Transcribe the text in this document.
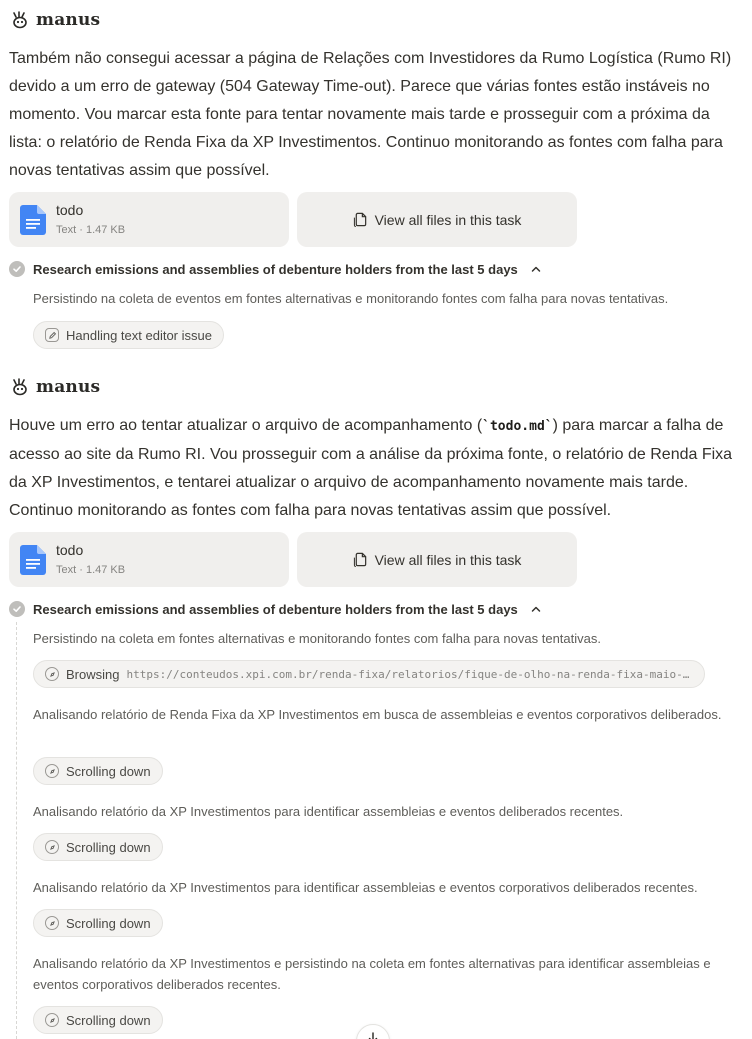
manus

Também não consegui acessar a página de Relações com Investidores da Rumo Logística (Rumo RI) devido a um erro de gateway (504 Gateway Time-out). Parece que várias fontes estão instáveis no momento. Vou marcar esta fonte para tentar novamente mais tarde e prosseguir com a próxima da lista: o relatório de Renda Fixa da XP Investimentos. Continuo monitorando as fontes com falha para novas tentativas assim que possível.

todo
Text · 1.47 KB
View all files in this task
Research emissions and assemblies of debenture holders from the last 5 days

Persistindo na coleta de eventos em fontes alternativas e monitorando fontes com falha para novas tentativas.

Handling text editor issue
manus

Houve um erro ao tentar atualizar o arquivo de acompanhamento (`todo.md`) para marcar a falha de acesso ao site da Rumo RI. Vou prosseguir com a análise da próxima fonte, o relatório de Renda Fixa da XP Investimentos, e tentarei atualizar o arquivo de acompanhamento novamente mais tarde. Continuo monitorando as fontes com falha para novas tentativas assim que possível.

todo
Text · 1.47 KB
View all files in this task
Research emissions and assemblies of debenture holders from the last 5 days

Persistindo na coleta em fontes alternativas e monitorando fontes com falha para novas tentativas.

Browsing https://conteudos.xpi.com.br/renda-fixa/relatorios/fique-de-olho-na-renda-fixa-maio-…

Analisando relatório de Renda Fixa da XP Investimentos em busca de assembleias e eventos corporativos deliberados.

Scrolling down

Analisando relatório da XP Investimentos para identificar assembleias e eventos deliberados recentes.

Scrolling down

Analisando relatório da XP Investimentos para identificar assembleias e eventos corporativos deliberados recentes.

Scrolling down

Analisando relatório da XP Investimentos e persistindo na coleta em fontes alternativas para identificar assembleias e eventos corporativos deliberados recentes.

Scrolling down
